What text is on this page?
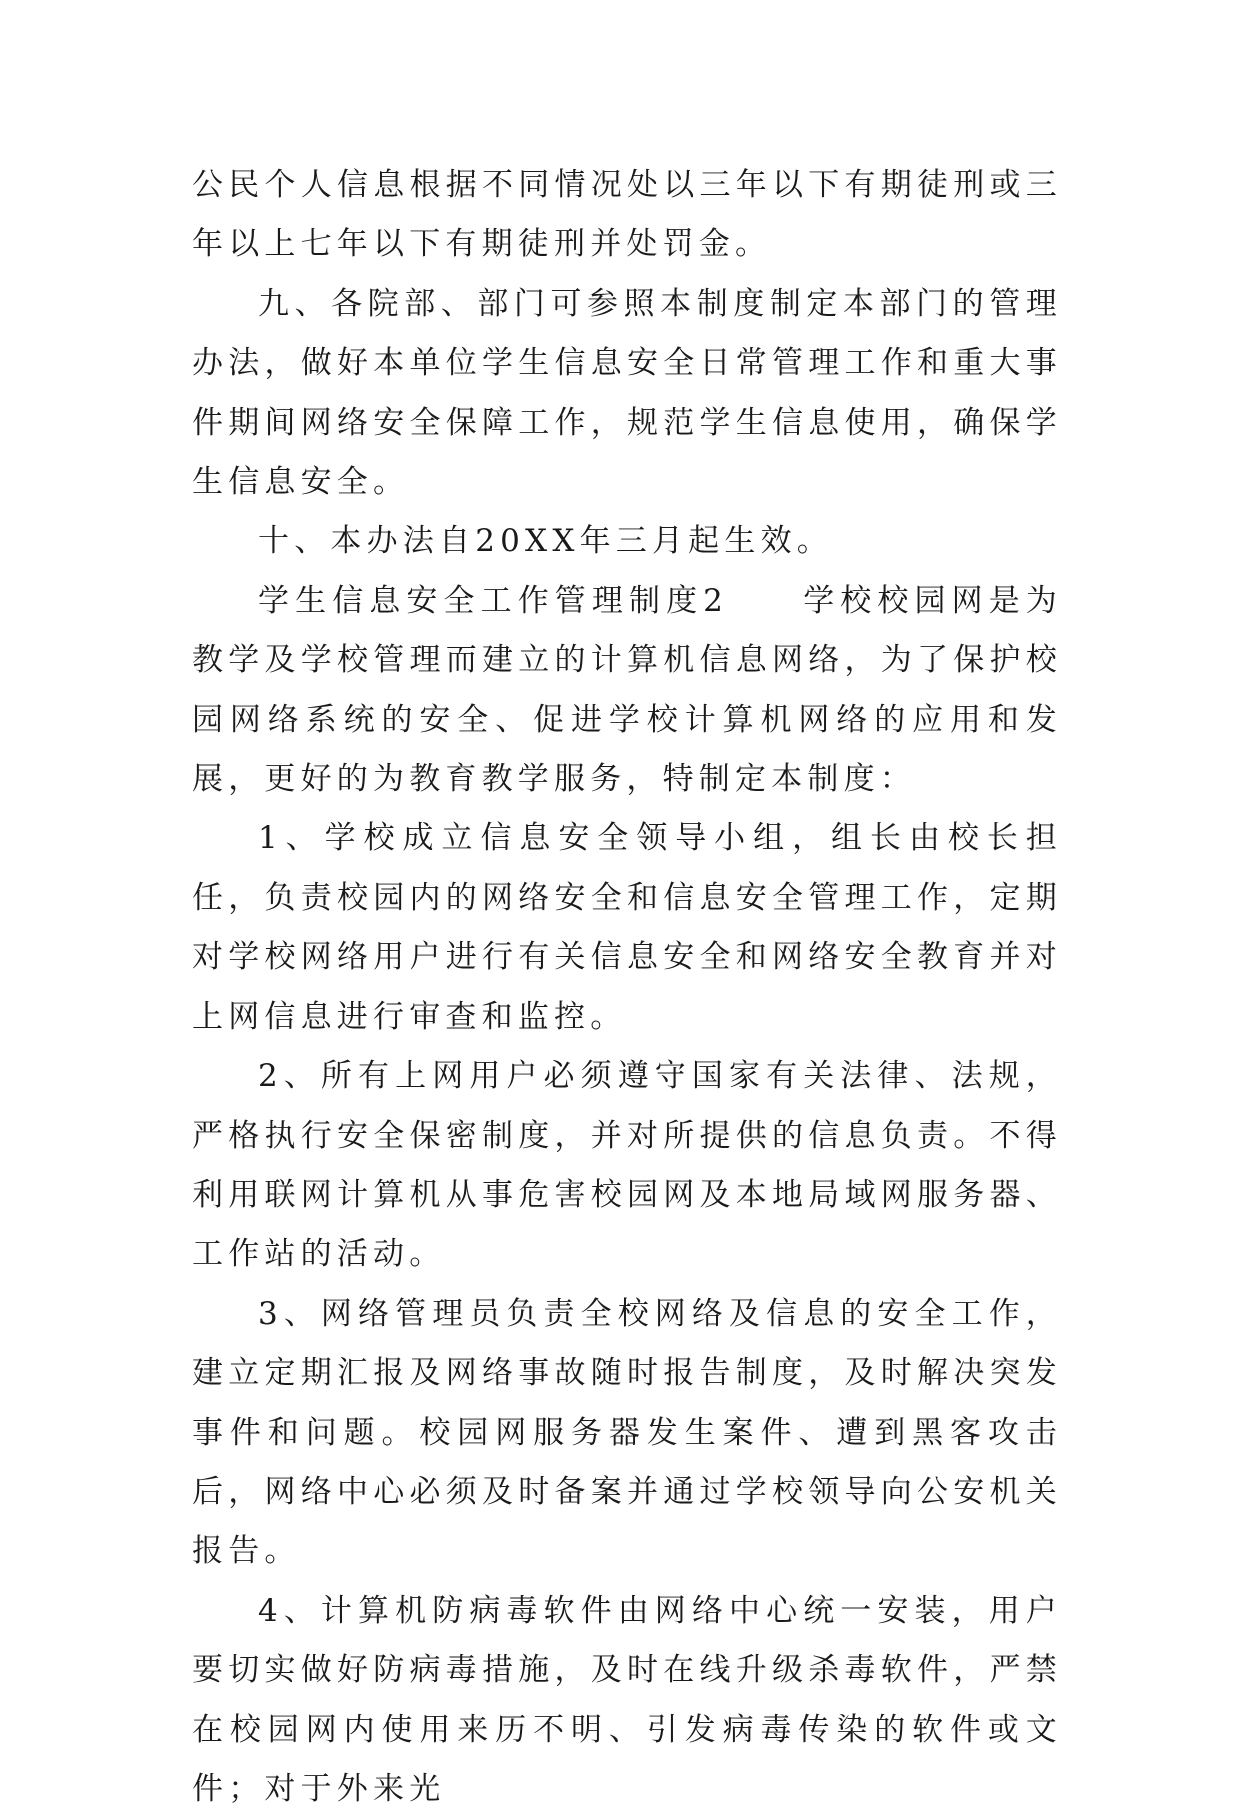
公民个人信息根据不同情况处以三年以下有期徒刑或三年以上七年以下有期徒刑并处罚金。

九、各院部、部门可参照本制度制定本部门的管理办法，做好本单位学生信息安全日常管理工作和重大事件期间网络安全保障工作，规范学生信息使用，确保学生信息安全。

十、本办法自20XX年三月起生效。

学生信息安全工作管理制度2　　学校校园网是为教学及学校管理而建立的计算机信息网络，为了保护校园网络系统的安全、促进学校计算机网络的应用和发展，更好的为教育教学服务，特制定本制度：

1、学校成立信息安全领导小组，组长由校长担任，负责校园内的网络安全和信息安全管理工作，定期对学校网络用户进行有关信息安全和网络安全教育并对上网信息进行审查和监控。

2、所有上网用户必须遵守国家有关法律、法规，严格执行安全保密制度，并对所提供的信息负责。不得利用联网计算机从事危害校园网及本地局域网服务器、工作站的活动。

3、网络管理员负责全校网络及信息的安全工作，建立定期汇报及网络事故随时报告制度，及时解决突发事件和问题。校园网服务器发生案件、遭到黑客攻击后，网络中心必须及时备案并通过学校领导向公安机关报告。

4、计算机防病毒软件由网络中心统一安装，用户要切实做好防病毒措施，及时在线升级杀毒软件，严禁在校园网内使用来历不明、引发病毒传染的软件或文件；对于外来光
